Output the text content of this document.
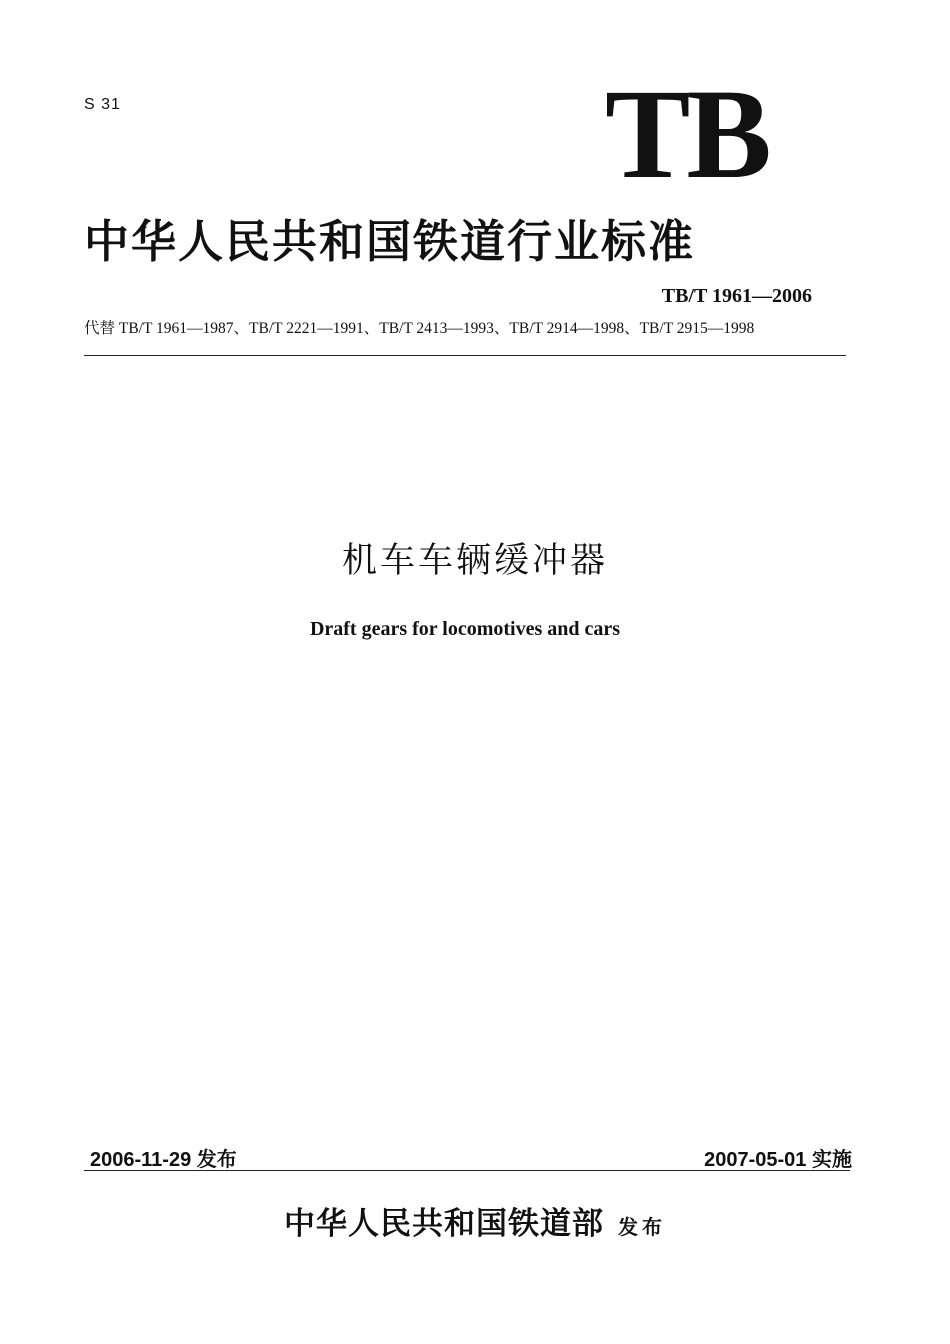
S 31	TB
中华人民共和国铁道行业标准
TB/T 1961—2006
代替 TB/T 1961—1987、TB/T 2221—1991、TB/T 2413—1993、TB/T 2914—1998、TB/T 2915—1998
机车车辆缓冲器
Draft gears for locomotives and cars
2006-11-29 发布	2007-05-01 实施
中华人民共和国铁道部 发布
